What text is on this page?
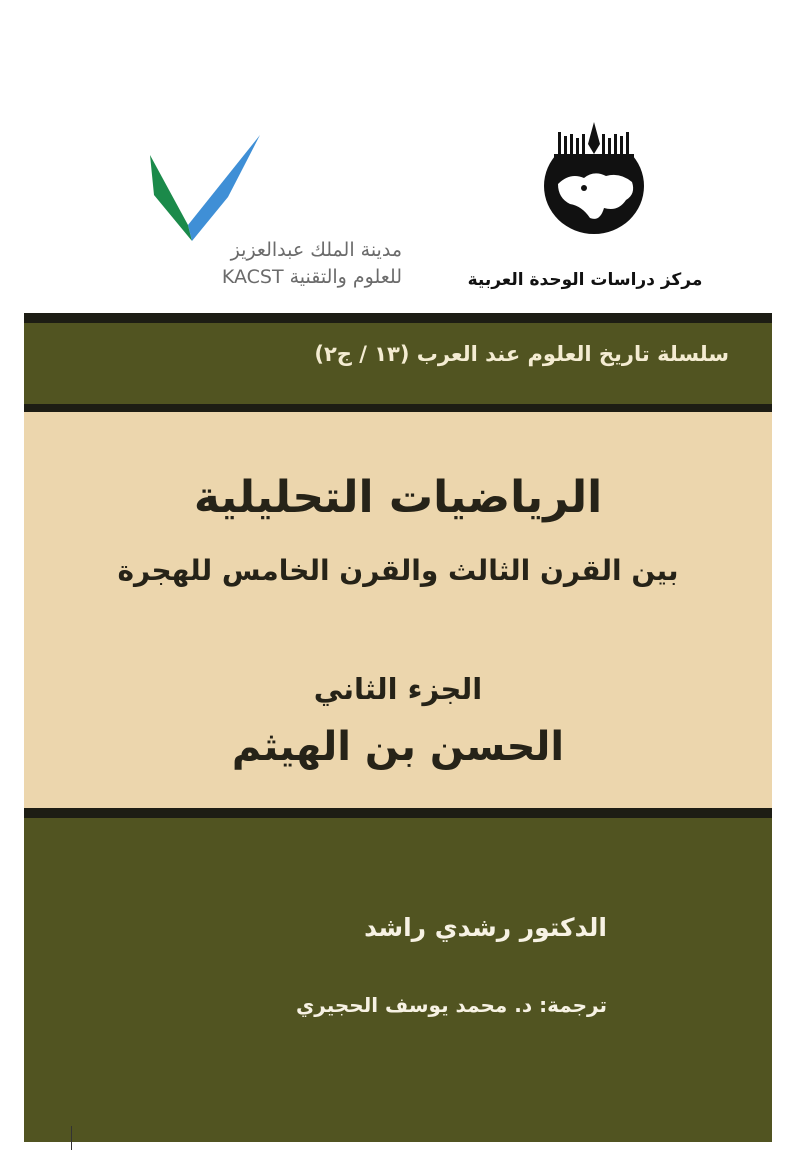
مدينة الملك عبدالعزيز
للعلوم والتقنية KACST	مركز دراسات الوحدة العربية
سلسلة تاريخ العلوم عند العرب (١٣ / ج٢)
الرياضيات التحليلية
بين القرن الثالث والقرن الخامس للهجرة
الجزء الثاني
الحسن بن الهيثم
الدكتور رشدي راشد
ترجمة: د. محمد يوسف الحجيري
